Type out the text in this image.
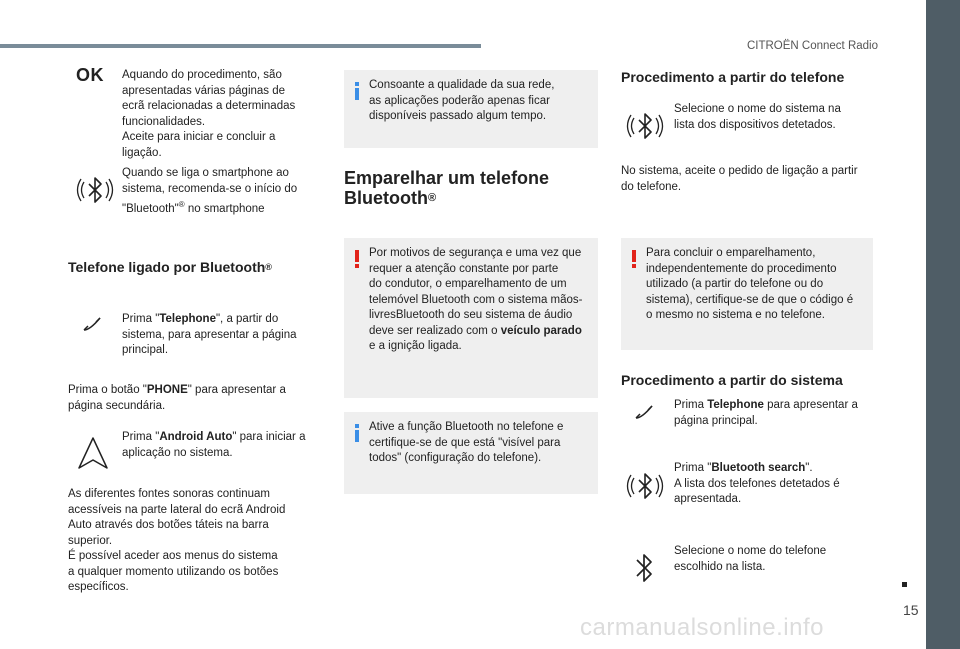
CITROËN Connect Radio
15
carmanualsonline.info
OK Aquando do procedimento, são
apresentadas várias páginas de
ecrã relacionadas a determinadas
funcionalidades.
Aceite para iniciar e concluir a
ligação.
Quando se liga o smartphone ao
sistema, recomenda-se o início do
"Bluetooth"® no smartphone
Telefone ligado por Bluetooth®
Prima "Telephone", a partir do
sistema, para apresentar a página
principal.
Prima o botão "PHONE" para apresentar a
página secundária.
Prima "Android Auto" para iniciar a
aplicação no sistema.
As diferentes fontes sonoras continuam
acessíveis na parte lateral do ecrã Android
Auto através dos botões táteis na barra
superior.
É possível aceder aos menus do sistema
a qualquer momento utilizando os botões
específicos.
Consoante a qualidade da sua rede,
as aplicações poderão apenas ficar
disponíveis passado algum tempo.
Emparelhar um telefone
Bluetooth®
Por motivos de segurança e uma vez que
requer a atenção constante por parte
do condutor, o emparelhamento de um
telemóvel Bluetooth com o sistema mãos-
livresBluetooth do seu sistema de áudio
deve ser realizado com o veículo parado
e a ignição ligada.
Ative a função Bluetooth no telefone e
certifique-se de que está "visível para
todos" (configuração do telefone).
Procedimento a partir do telefone
Selecione o nome do sistema na
lista dos dispositivos detetados.
No sistema, aceite o pedido de ligação a partir
do telefone.
Para concluir o emparelhamento,
independentemente do procedimento
utilizado (a partir do telefone ou do
sistema), certifique-se de que o código é
o mesmo no sistema e no telefone.
Procedimento a partir do sistema
Prima Telephone para apresentar a
página principal.
Prima "Bluetooth search".
A lista dos telefones detetados é
apresentada.
Selecione o nome do telefone
escolhido na lista.
